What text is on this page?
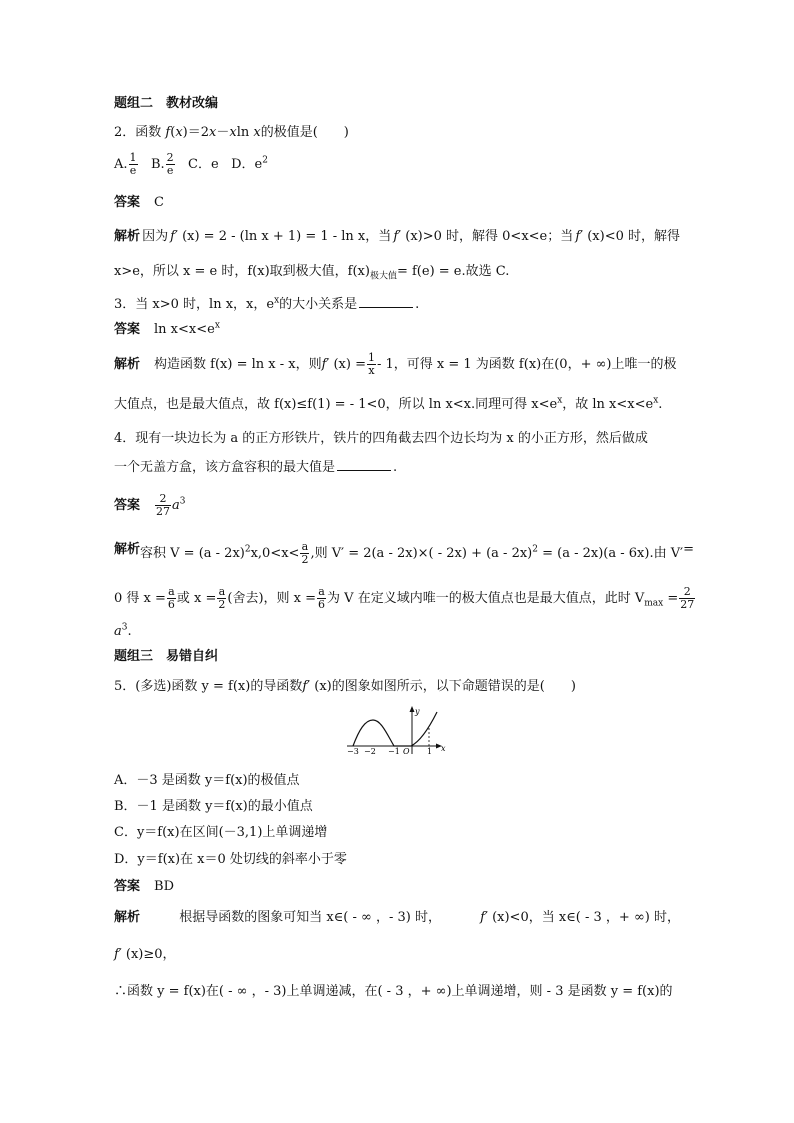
题组二　教材改编
2．函数 f(x)＝2x－xln x的极值是( )
A. $\frac{1}{e} B$. $\frac{2}{e}$ C．e D．$e^2$
答案 C
解析 因为 f′ (x) = 2 - (ln x + 1) = 1 - ln x，当 f′ (x)>0 时，解得 0<x<e；当 f′ (x)<0 时，解得
x>e，所以 x = e 时，f(x)取到极大值，$f(x)_{极大值}= f(e) = e$.故选 C.
3．当 x>0 时，ln x，x，$e^x$的大小关系是	.
答案 $\ln x<x<e^x$
解析 构造函数 f(x) = ln x - x，则f′ $(x) = \frac{1}{x} - 1$，可得 x = 1 为函数 f(x)在(0，+ ∞)上唯一的极
大值点，也是最大值点，故 f(x)≤f(1) = - 1<0，所以 ln x<x.同理可得 $x<e^x$，故 $\ln x<x<e^x$.
4．现有一块边长为 a 的正方形铁片，铁片的四角截去四个边长均为 x 的小正方形，然后做成
一个无盖方盒，该方盒容积的最大值是	.
答案 $\frac{2}{27} a^3$
解析 容积 $V = (a - 2x)^2x,0<x< \frac{a}{2}$ ,则 V′ = 2(a - 2x)×( - 2x) + (a - 2x)$^2$ = (a - 2x)(a - 6x).由 V′ =
0 得 $x = \frac{a}{6}$ 或 $x = \frac{a}{2}$ (舍去)，则 $x = \frac{a}{6}$ 为 V 在定义域内唯一的极大值点也是最大值点，此时 $V_{max} = \frac{2}{27}$
$a^3$.
题组三　易错自纠
5．(多选)函数 y = f(x)的导函数f′ (x)的图象如图所示，以下命题错误的是( )
−3 −2 −1 O 1 x
y
A．－3 是函数 y＝f(x)的极值点
B．－1 是函数 y＝f(x)的最小值点
C．y＝f(x)在区间(－3,1)上单调递增
D．y＝f(x)在 x＝0 处切线的斜率小于零
答案 BD
解析	根据导函数的图象可知当 x∈( - ∞ ，- 3) 时，	f′ (x)<0，当 x∈( - 3 ，+ ∞) 时，
f′ (x)≥0，
∴函数 y = f(x)在( - ∞ ，- 3)上单调递减，在( - 3 ，+ ∞)上单调递增，则 - 3 是函数 y = f(x)的
